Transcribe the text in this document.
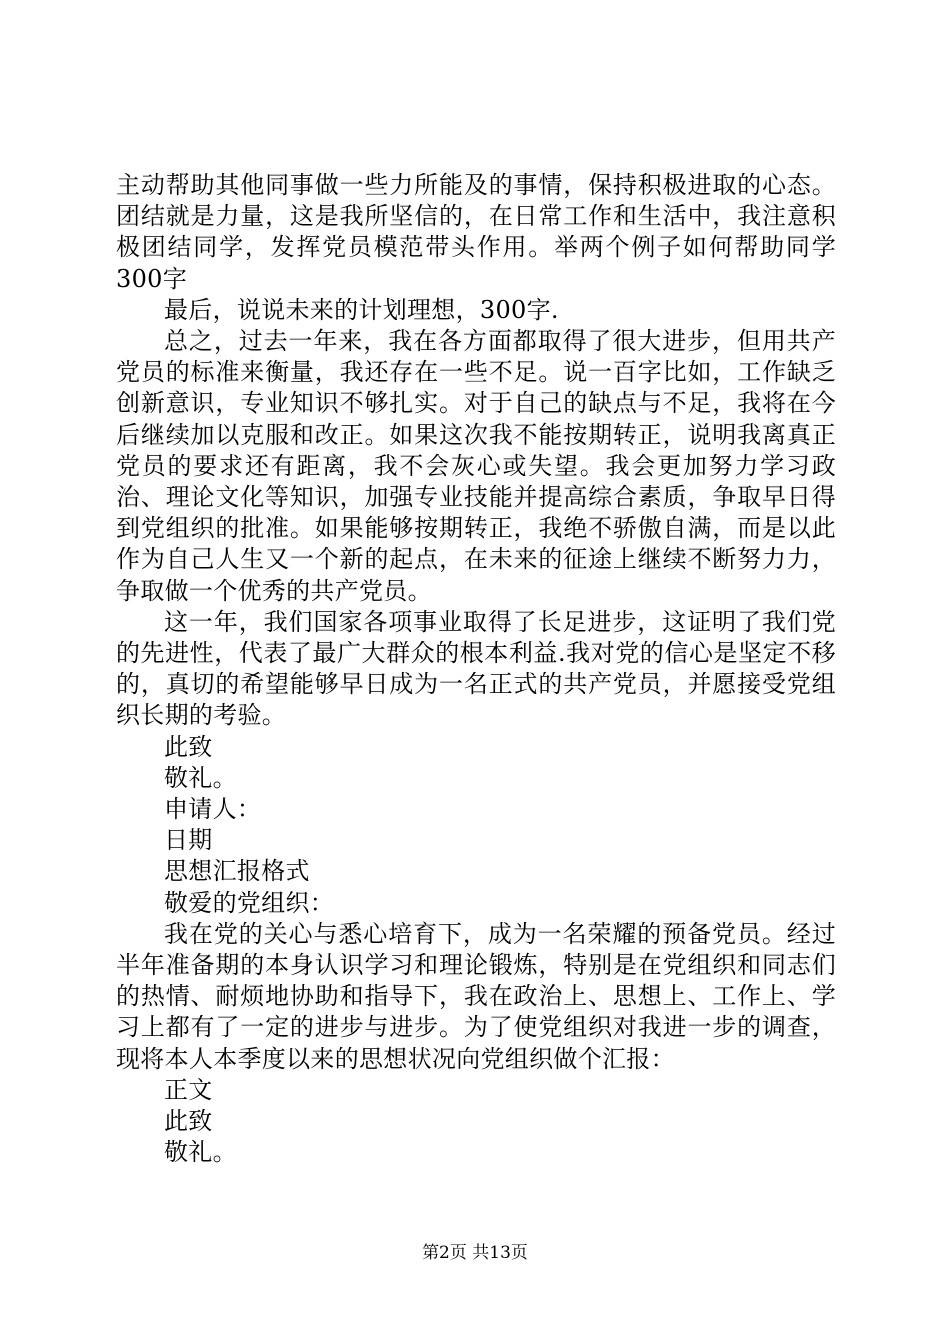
主动帮助其他同事做一些力所能及的事情，保持积极进取的心态。团结就是力量，这是我所坚信的，在日常工作和生活中，我注意积极团结同学，发挥党员模范带头作用。举两个例子如何帮助同学300字

最后，说说未来的计划理想，300字.

总之，过去一年来，我在各方面都取得了很大进步，但用共产党员的标准来衡量，我还存在一些不足。说一百字比如，工作缺乏创新意识，专业知识不够扎实。对于自己的缺点与不足，我将在今后继续加以克服和改正。如果这次我不能按期转正，说明我离真正党员的要求还有距离，我不会灰心或失望。我会更加努力学习政治、理论文化等知识，加强专业技能并提高综合素质，争取早日得到党组织的批准。如果能够按期转正，我绝不骄傲自满，而是以此作为自己人生又一个新的起点，在未来的征途上继续不断努力力，争取做一个优秀的共产党员。

这一年，我们国家各项事业取得了长足进步，这证明了我们党的先进性，代表了最广大群众的根本利益.我对党的信心是坚定不移的，真切的希望能够早日成为一名正式的共产党员，并愿接受党组织长期的考验。

此致

敬礼。

申请人：

日期

思想汇报格式

敬爱的党组织：

我在党的关心与悉心培育下，成为一名荣耀的预备党员。经过半年准备期的本身认识学习和理论锻炼，特别是在党组织和同志们的热情、耐烦地协助和指导下，我在政治上、思想上、工作上、学习上都有了一定的进步与进步。为了使党组织对我进一步的调查，现将本人本季度以来的思想状况向党组织做个汇报：

正文

此致

敬礼。

第2页 共13页
